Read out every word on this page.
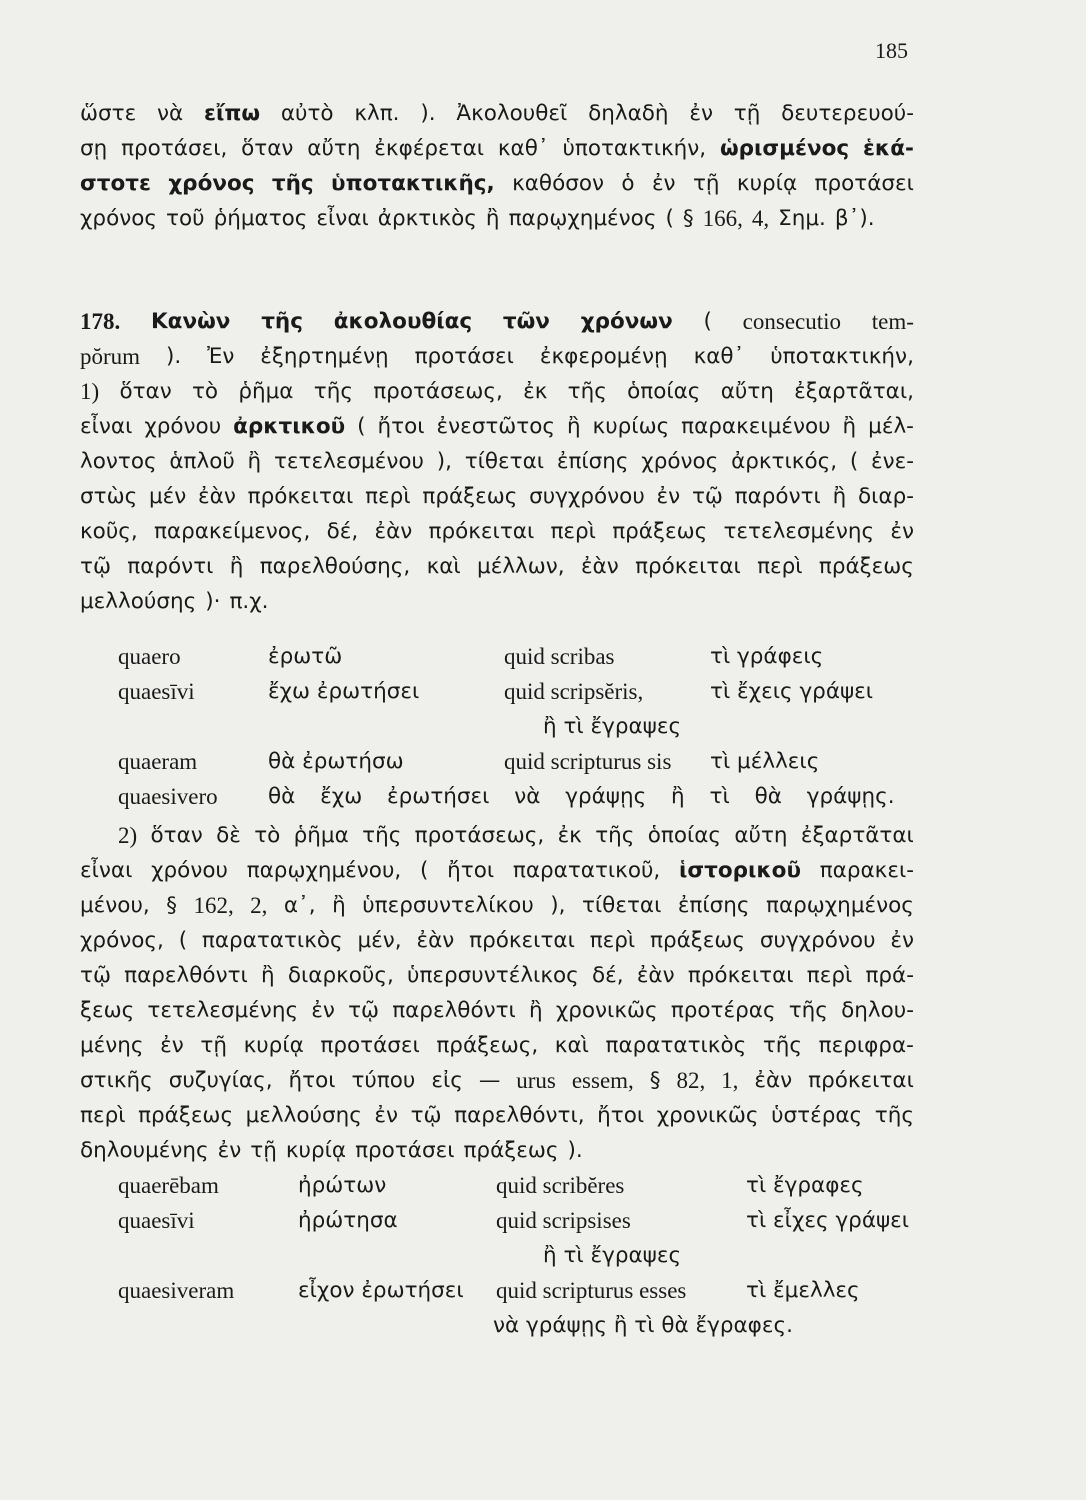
185
ὥστε νὰ εἴπω αὐτὸ κλπ. ). Ἀκολουθεῖ δηλαδὴ ἐν τῇ δευτερευού-
σῃ προτάσει, ὅταν αὔτη ἐκφέρεται καθ᾽ ὑποτακτικήν, ὡρισμένος ἑκά-
στοτε χρόνος τῆς ὑποτακτικῆς, καθόσον ὁ ἐν τῇ κυρίᾳ προτάσει
χρόνος τοῦ ῥήματος εἶναι ἀρκτικὸς ἢ παρῳχημένος ( § 166, 4, Σημ. β᾽).
178. Κανὼν τῆς ἀκολουθίας τῶν χρόνων ( consecutio tem-
pŏrum ). Ἐν ἐξηρτημένῃ προτάσει ἐκφερομένῃ καθ᾽ ὑποτακτικήν,
1) ὅταν τὸ ῥῆμα τῆς προτάσεως, ἐκ τῆς ὁποίας αὔτη ἐξαρτᾶται,
εἶναι χρόνου ἀρκτικοῦ ( ἤτοι ἐνεστῶτος ἢ κυρίως παρακειμένου ἢ μέλ-
λοντος ἁπλοῦ ἢ τετελεσμένου ), τίθεται ἐπίσης χρόνος ἀρκτικός, ( ἐνε-
στὼς μέν ἐὰν πρόκειται περὶ πράξεως συγχρόνου ἐν τῷ παρόντι ἢ διαρ-
κοῦς, παρακείμενος, δέ, ἐὰν πρόκειται περὶ πράξεως τετελεσμένης ἐν
τῷ παρόντι ἢ παρελθούσης, καὶ μέλλων, ἐὰν πρόκειται περὶ πράξεως
μελλούσης )· π.χ.
quaero	ἐρωτῶ	quid scribas	τὶ γράφεις
quaesīvi	ἔχω ἐρωτήσει	quid scripsĕris,	τὶ ἔχεις γράψει
ἢ τὶ ἔγραψες
quaeram	θὰ ἐρωτήσω	quid scripturus sis τὶ μέλλεις
quaesivero θὰ ἔχω ἐρωτήσει νὰ γράψῃς ἢ τὶ θὰ γράψῃς.
2) ὅταν δὲ τὸ ῥῆμα τῆς προτάσεως, ἐκ τῆς ὁποίας αὔτη ἐξαρτᾶται
εἶναι χρόνου παρῳχημένου, ( ἤτοι παρατατικοῦ, ἱστορικοῦ παρακει-
μένου, § 162, 2, α᾽, ἢ ὑπερσυντελίκου ), τίθεται ἐπίσης παρῳχημένος
χρόνος, ( παρατατικὸς μέν, ἐὰν πρόκειται περὶ πράξεως συγχρόνου ἐν
τῷ παρελθόντι ἢ διαρκοῦς, ὑπερσυντέλικος δέ, ἐὰν πρόκειται περὶ πρά-
ξεως τετελεσμένης ἐν τῷ παρελθόντι ἢ χρονικῶς προτέρας τῆς δηλου-
μένης ἐν τῇ κυρίᾳ προτάσει πράξεως, καὶ παρατατικὸς τῆς περιφρα-
στικῆς συζυγίας, ἤτοι τύπου εἰς — urus essem, § 82, 1, ἐὰν πρόκειται
περὶ πράξεως μελλούσης ἐν τῷ παρελθόντι, ἤτοι χρονικῶς ὑστέρας τῆς
δηλουμένης ἐν τῇ κυρίᾳ προτάσει πράξεως ).
quaerēbam	ἠρώτων	quid scribĕres	τὶ ἔγραφες
quaesīvi	ἠρώτησα	quid scripsises	τὶ εἶχες γράψει
ἢ τὶ ἔγραψες
quaesiveram	εἶχον ἐρωτήσει quid scripturus esses	τὶ ἔμελλες
νὰ γράψῃς ἢ τὶ θὰ ἔγραφες.
